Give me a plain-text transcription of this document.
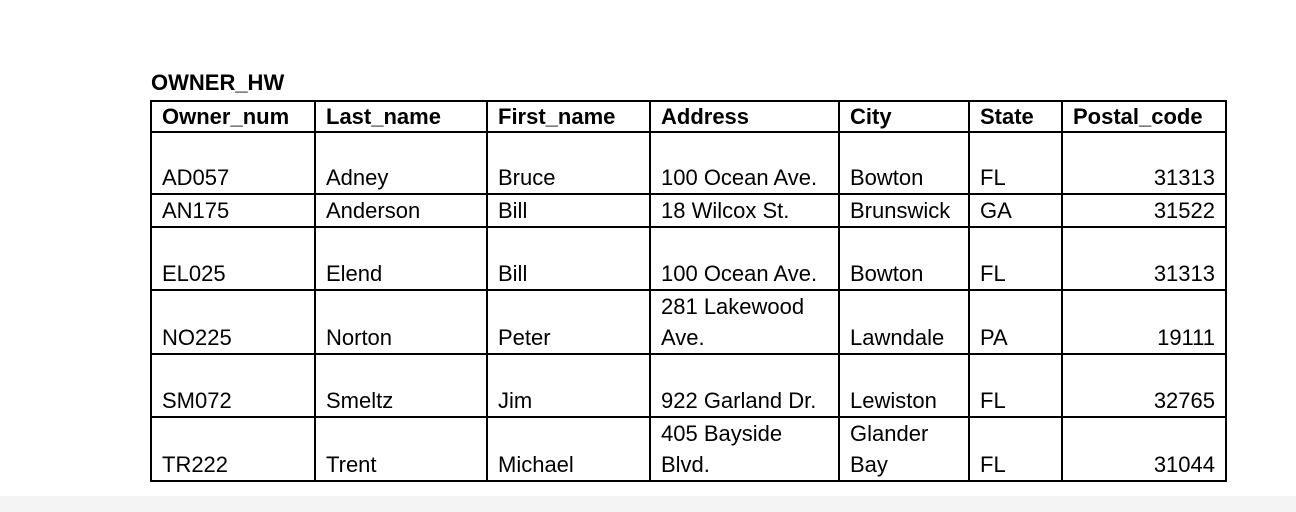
OWNER_HW
Owner_num	Last_name	First_name	Address	City	State	Postal_code
AD057	Adney	Bruce	100 Ocean Ave.	Bowton	FL	31313
AN175	Anderson	Bill	18 Wilcox St.	Brunswick	GA	31522
EL025	Elend	Bill	100 Ocean Ave.	Bowton	FL	31313
NO225	Norton	Peter	281 Lakewood Ave.	Lawndale	PA	19111
SM072	Smeltz	Jim	922 Garland Dr.	Lewiston	FL	32765
TR222	Trent	Michael	405 Bayside Blvd.	Glander Bay	FL	31044
